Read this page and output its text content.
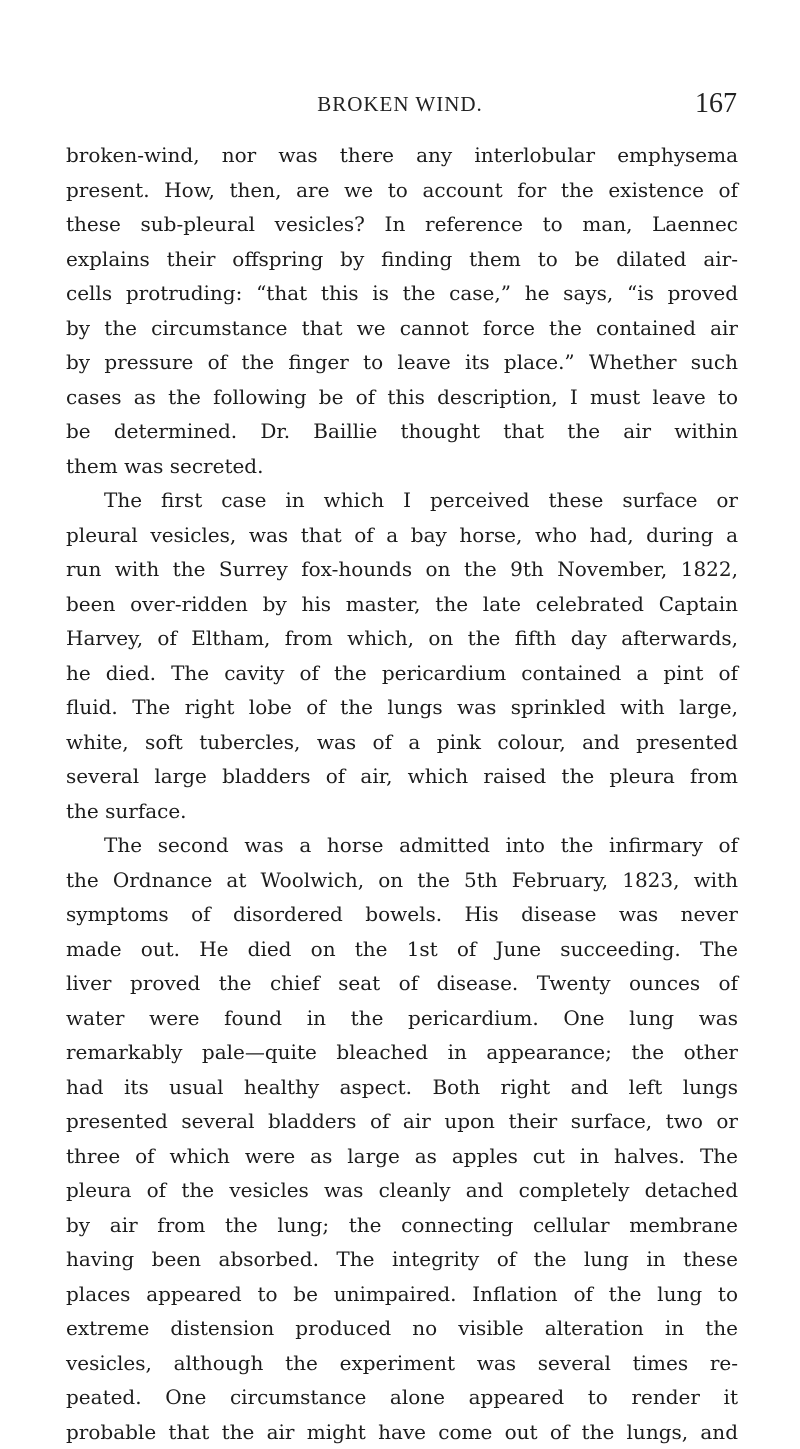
BROKEN WIND.	167

broken-wind, nor was there any interlobular emphysema
present. How, then, are we to account for the existence of
these sub-pleural vesicles? In reference to man, Laennec
explains their offspring by finding them to be dilated air-
cells protruding: “that this is the case,” he says, “is proved
by the circumstance that we cannot force the contained air
by pressure of the finger to leave its place.” Whether such
cases as the following be of this description, I must leave to
be determined. Dr. Baillie thought that the air within
them was secreted.

The first case in which I perceived these surface or
pleural vesicles, was that of a bay horse, who had, during a
run with the Surrey fox-hounds on the 9th November, 1822,
been over-ridden by his master, the late celebrated Captain
Harvey, of Eltham, from which, on the fifth day afterwards,
he died. The cavity of the pericardium contained a pint of
fluid. The right lobe of the lungs was sprinkled with large,
white, soft tubercles, was of a pink colour, and presented
several large bladders of air, which raised the pleura from
the surface.

The second was a horse admitted into the infirmary of
the Ordnance at Woolwich, on the 5th February, 1823, with
symptoms of disordered bowels. His disease was never
made out. He died on the 1st of June succeeding. The
liver proved the chief seat of disease. Twenty ounces of
water were found in the pericardium. One lung was
remarkably pale—quite bleached in appearance; the other
had its usual healthy aspect. Both right and left lungs
presented several bladders of air upon their surface, two or
three of which were as large as apples cut in halves. The
pleura of the vesicles was cleanly and completely detached
by air from the lung; the connecting cellular membrane
having been absorbed. The integrity of the lung in these
places appeared to be unimpaired. Inflation of the lung to
extreme distension produced no visible alteration in the
vesicles, although the experiment was several times re-
peated. One circumstance alone appeared to render it
probable that the air might have come out of the lungs, and
